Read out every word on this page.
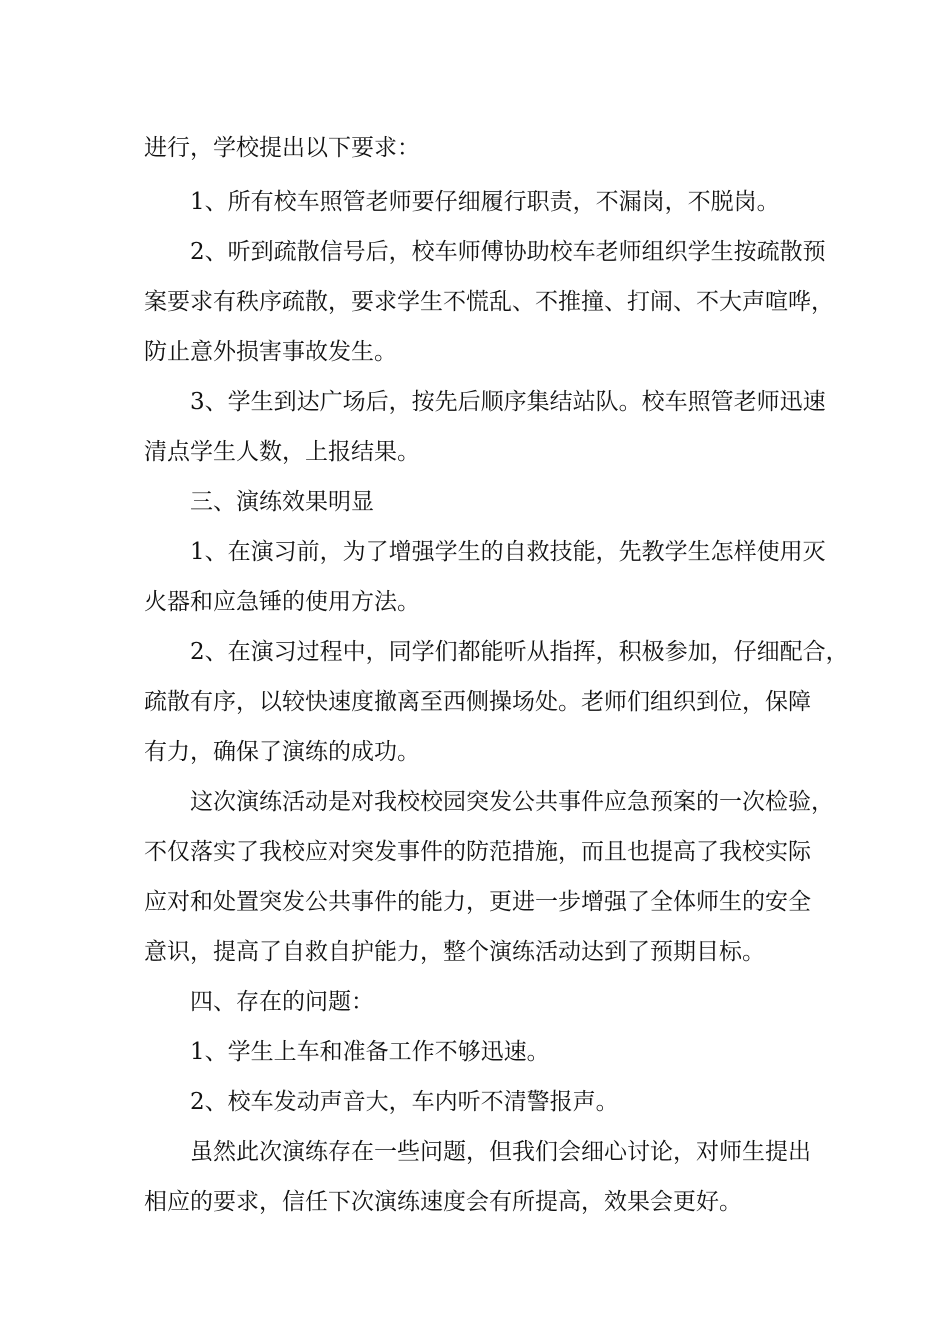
进行，学校提出以下要求：
1、所有校车照管老师要仔细履行职责，不漏岗，不脱岗。
2、听到疏散信号后，校车师傅协助校车老师组织学生按疏散预
案要求有秩序疏散，要求学生不慌乱、不推撞、打闹、不大声喧哗，
防止意外损害事故发生。
3、学生到达广场后，按先后顺序集结站队。校车照管老师迅速
清点学生人数，上报结果。
三、演练效果明显
1、在演习前，为了增强学生的自救技能，先教学生怎样使用灭
火器和应急锤的使用方法。
2、在演习过程中，同学们都能听从指挥，积极参加，仔细配合，
疏散有序，以较快速度撤离至西侧操场处。老师们组织到位，保障
有力，确保了演练的成功。
这次演练活动是对我校校园突发公共事件应急预案的一次检验，
不仅落实了我校应对突发事件的防范措施，而且也提高了我校实际
应对和处置突发公共事件的能力，更进一步增强了全体师生的安全
意识，提高了自救自护能力，整个演练活动达到了预期目标。
四、存在的问题：
1、学生上车和准备工作不够迅速。
2、校车发动声音大，车内听不清警报声。
虽然此次演练存在一些问题，但我们会细心讨论，对师生提出
相应的要求，信任下次演练速度会有所提高，效果会更好。
